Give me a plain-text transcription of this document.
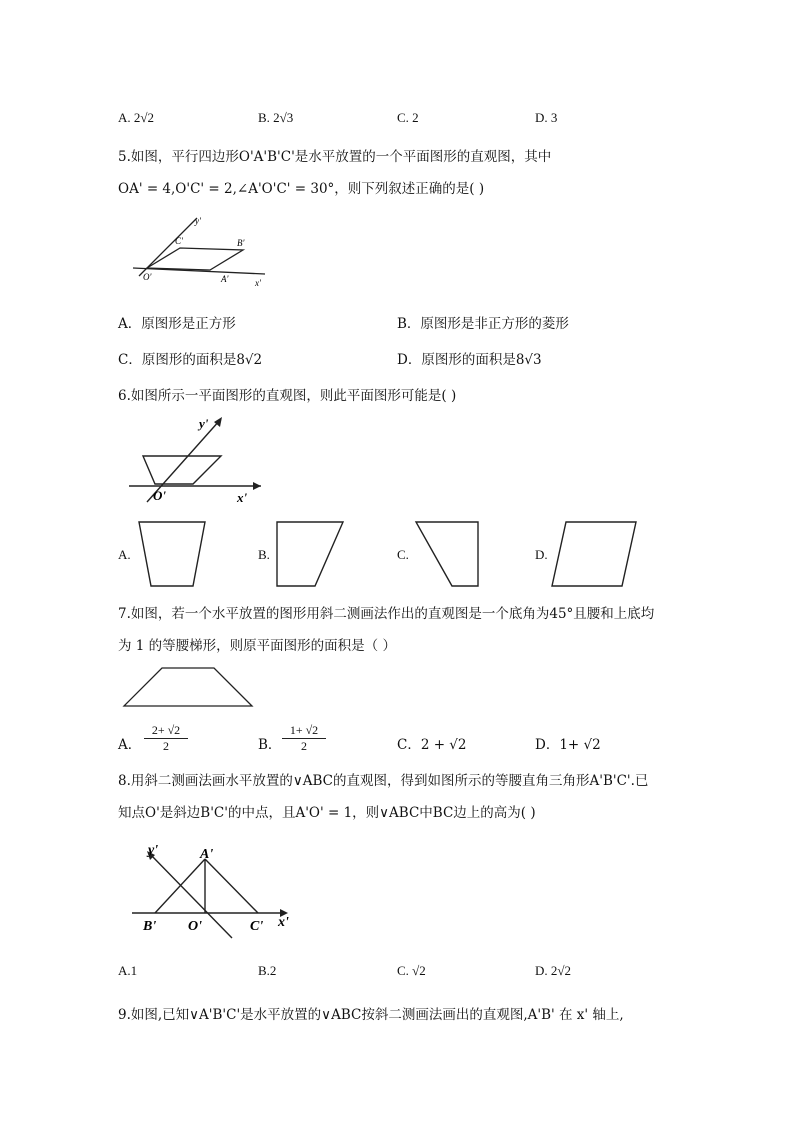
A. 2√2	B. 2√3	C. 2	D. 3
5.如图，平行四边形O'A'B'C'是水平放置的一个平面图形的直观图，其中
OA' = 4,O'C' = 2,∠A'O'C' = 30°，则下列叙述正确的是( )
y'
C'	B'
O'	A'	x'
A．原图形是正方形	B．原图形是非正方形的菱形
C．原图形的面积是8√2	D．原图形的面积是8√3
6.如图所示一平面图形的直观图，则此平面图形可能是( )
y'
O'	x'
A.	B.	C.	D.
7.如图，若一个水平放置的图形用斜二测画法作出的直观图是一个底角为45°且腰和上底均
为 1 的等腰梯形，则原平面图形的面积是（ ）
A． $\frac{2+ √2}{2}$	B． $\frac{1+ √2}{2}$	C．2 + √2	D．1+ √2
8.用斜二测画法画水平放置的∨ABC的直观图，得到如图所示的等腰直角三角形A'B'C'.已
知点O'是斜边B'C'的中点，且A'O' = 1，则∨ABC中BC边上的高为( )
y'	A'
B' O'	C' x'
A.1	B.2	C. √2	D. 2√2
9.如图,已知∨A'B'C'是水平放置的∨ABC按斜二测画法画出的直观图,A'B' 在 x' 轴上,
